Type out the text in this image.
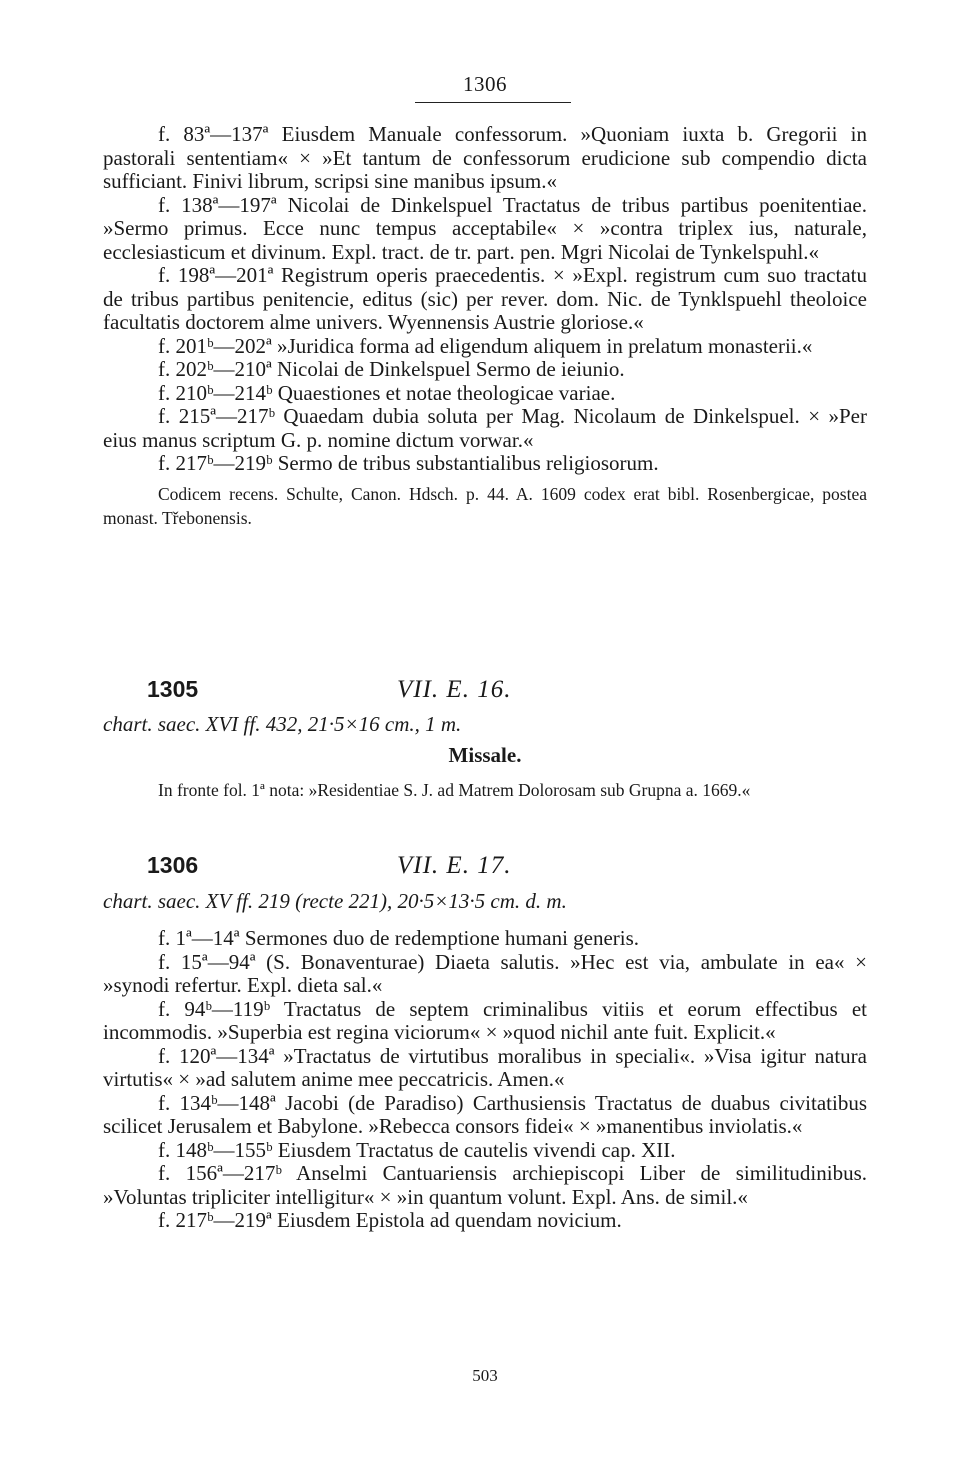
1306

f. 83ª—137ª Eiusdem Manuale confessorum. »Quoniam iuxta b. Gregorii in pastorali sententiam« × »Et tantum de confessorum erudicione sub compendio dicta sufficiant. Finivi librum, scripsi sine manibus ipsum.«

f. 138ª—197ª Nicolai de Dinkelspuel Tractatus de tribus partibus poenitentiae. »Sermo primus. Ecce nunc tempus acceptabile« × »contra triplex ius, naturale, ecclesiasticum et divinum. Expl. tract. de tr. part. pen. Mgri Nicolai de Tynkelspuhl.«

f. 198ª—201ª Registrum operis praecedentis. × »Expl. registrum cum suo tractatu de tribus partibus penitencie, editus (sic) per rever. dom. Nic. de Tynklspuehl theoloice facultatis doctorem alme univers. Wyennensis Austrie gloriose.«

f. 201ᵇ—202ª »Juridica forma ad eligendum aliquem in prelatum monasterii.«

f. 202ᵇ—210ª Nicolai de Dinkelspuel Sermo de ieiunio.

f. 210ᵇ—214ᵇ Quaestiones et notae theologicae variae.

f. 215ª—217ᵇ Quaedam dubia soluta per Mag. Nicolaum de Dinkelspuel. × »Per eius manus scriptum G. p. nomine dictum vorwar.«

f. 217ᵇ—219ᵇ Sermo de tribus substantialibus religiosorum.

Codicem recens. Schulte, Canon. Hdsch. p. 44. A. 1609 codex erat bibl. Rosenbergicae, postea monast. Třebonensis.

1305	VII. E. 16.
chart. saec. XVI ff. 432, 21·5×16 cm., 1 m.
Missale.

In fronte fol. 1ª nota: »Residentiae S. J. ad Matrem Dolorosam sub Grupna a. 1669.«

1306	VII. E. 17.
chart. saec. XV ff. 219 (recte 221), 20·5×13·5 cm. d. m.

f. 1ª—14ª Sermones duo de redemptione humani generis.

f. 15ª—94ª (S. Bonaventurae) Diaeta salutis. »Hec est via, ambulate in ea« × »synodi refertur. Expl. dieta sal.«

f. 94ᵇ—119ᵇ Tractatus de septem criminalibus vitiis et eorum effectibus et incommodis. »Superbia est regina viciorum« × »quod nichil ante fuit. Explicit.«

f. 120ª—134ª »Tractatus de virtutibus moralibus in speciali«. »Visa igitur natura virtutis« × »ad salutem anime mee peccatricis. Amen.«

f. 134ᵇ—148ª Jacobi (de Paradiso) Carthusiensis Tractatus de duabus civitatibus scilicet Jerusalem et Babylone. »Rebecca consors fidei« × »manentibus inviolatis.«

f. 148ᵇ—155ᵇ Eiusdem Tractatus de cautelis vivendi cap. XII.

f. 156ª—217ᵇ Anselmi Cantuariensis archiepiscopi Liber de similitudinibus. »Voluntas tripliciter intelligitur« × »in quantum volunt. Expl. Ans. de simil.«

f. 217ᵇ—219ª Eiusdem Epistola ad quendam novicium.

503
